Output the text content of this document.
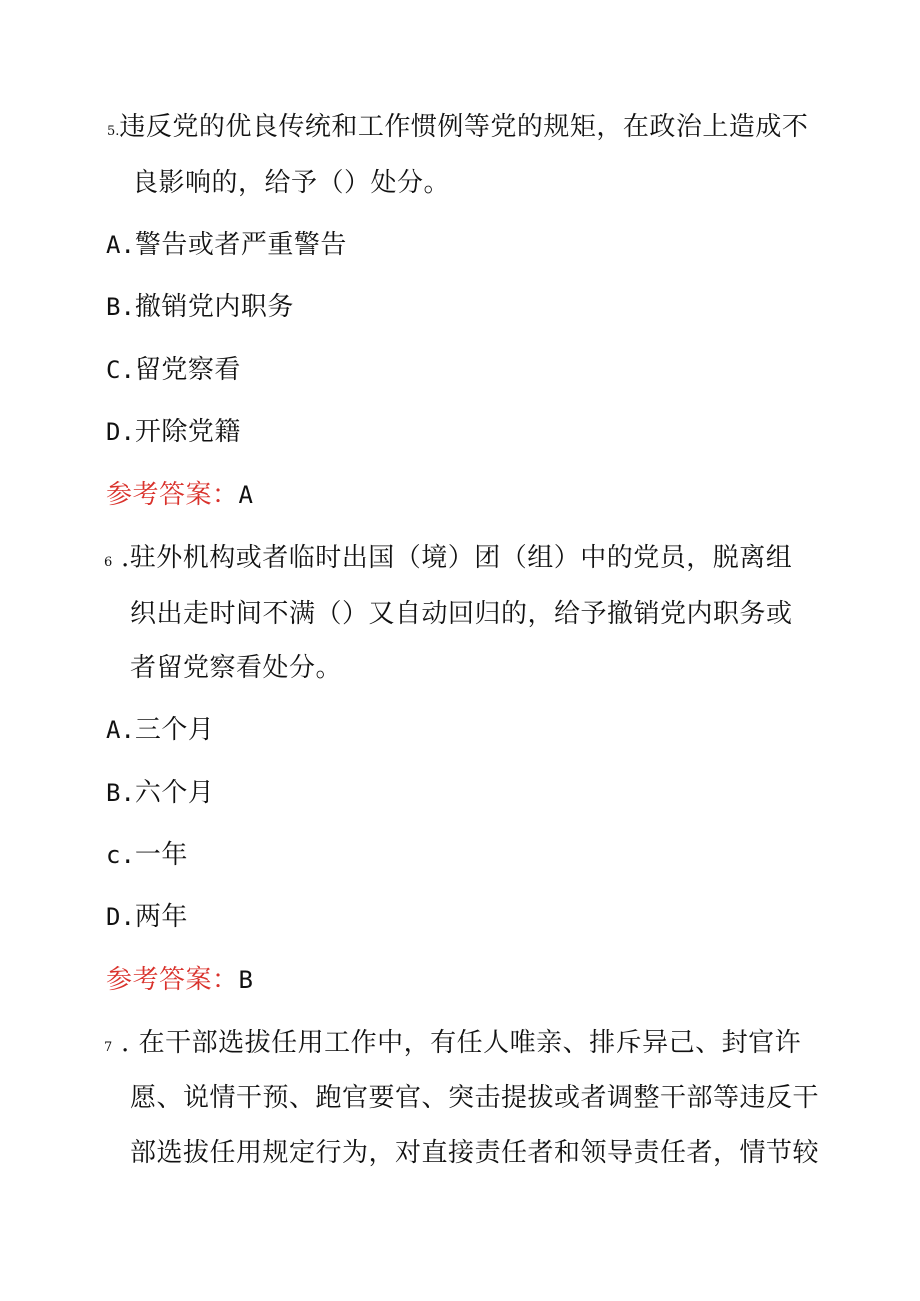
5.违反党的优良传统和工作惯例等党的规矩，在政治上造成不
良影响的，给予（）处分。
A.警告或者严重警告
B.撤销党内职务
C.留党察看
D.开除党籍
参考答案：A
6 .驻外机构或者临时出国（境）团（组）中的党员，脱离组
织出走时间不满（）又自动回归的，给予撤销党内职务或
者留党察看处分。
A.三个月
B.六个月
c.一年
D.两年
参考答案：B
7 . 在干部选拔任用工作中，有任人唯亲、排斥异己、封官许
愿、说情干预、跑官要官、突击提拔或者调整干部等违反干
部选拔任用规定行为，对直接责任者和领导责任者，情节较
